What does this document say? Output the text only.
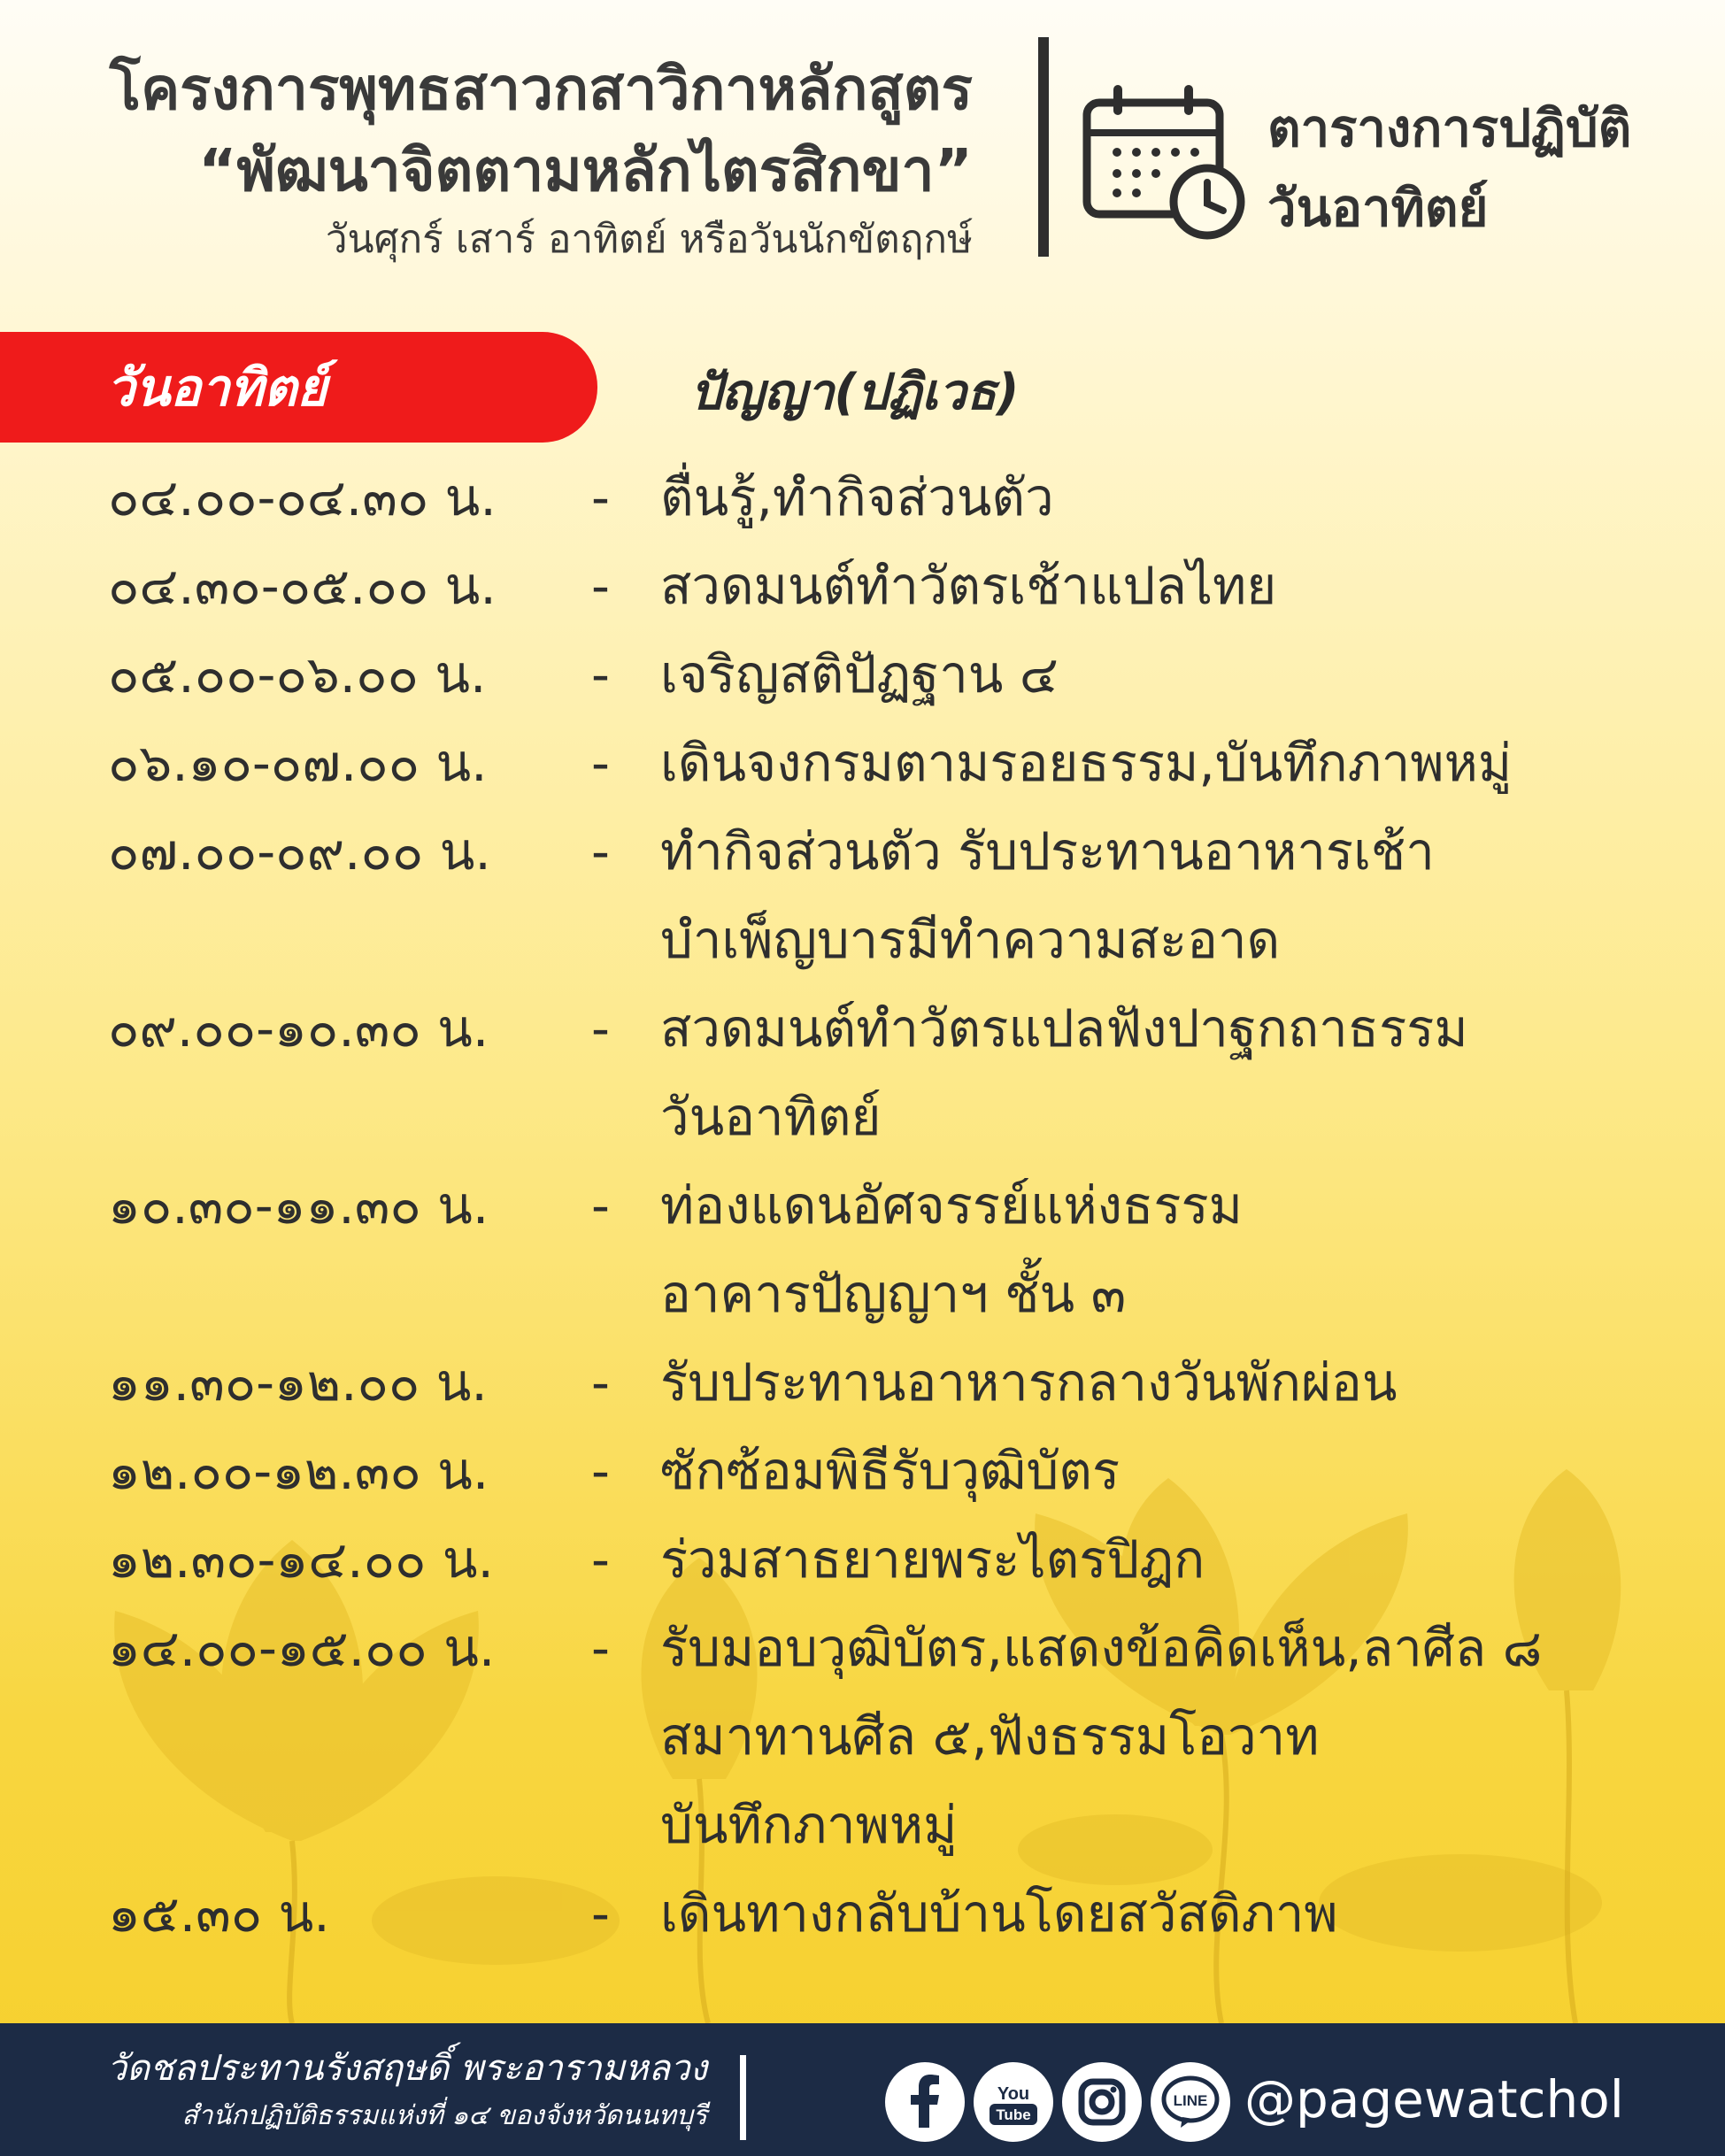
โครงการพุทธสาวกสาวิกาหลักสูตร
“พัฒนาจิตตามหลักไตรสิกขา”
วันศุกร์ เสาร์ อาทิตย์ หรือวันนักขัตฤกษ์
ตารางการปฏิบัติ
วันอาทิตย์
วันอาทิตย์	ปัญญา(ปฏิเวธ)
๐๔.๐๐-๐๔.๓๐ น. - ตื่นรู้,ทำกิจส่วนตัว
๐๔.๓๐-๐๕.๐๐ น. - สวดมนต์ทำวัตรเช้าแปลไทย
๐๕.๐๐-๐๖.๐๐ น. - เจริญสติปัฏฐาน ๔
๐๖.๑๐-๐๗.๐๐ น. - เดินจงกรมตามรอยธรรม,บันทึกภาพหมู่
๐๗.๐๐-๐๙.๐๐ น. - ทำกิจส่วนตัว รับประทานอาหารเช้า
บำเพ็ญบารมีทำความสะอาด
๐๙.๐๐-๑๐.๓๐ น. - สวดมนต์ทำวัตรแปลฟังปาฐกถาธรรม
วันอาทิตย์
๑๐.๓๐-๑๑.๓๐ น. - ท่องแดนอัศจรรย์แห่งธรรม
อาคารปัญญาฯ ชั้น ๓
๑๑.๓๐-๑๒.๐๐ น. - รับประทานอาหารกลางวันพักผ่อน
๑๒.๐๐-๑๒.๓๐ น. - ซักซ้อมพิธีรับวุฒิบัตร
๑๒.๓๐-๑๔.๐๐ น. - ร่วมสาธยายพระไตรปิฎก
๑๔.๐๐-๑๕.๐๐ น. - รับมอบวุฒิบัตร,แสดงข้อคิดเห็น,ลาศีล ๘
สมาทานศีล ๕,ฟังธรรมโอวาท
บันทึกภาพหมู่
๑๕.๓๐ น.	- เดินทางกลับบ้านโดยสวัสดิภาพ
วัดชลประทานรังสฤษดิ์ พระอารามหลวง
สำนักปฏิบัติธรรมแห่งที่ ๑๔ ของจังหวัดนนทบุรี
You
Tube
LINE @pagewatchol
